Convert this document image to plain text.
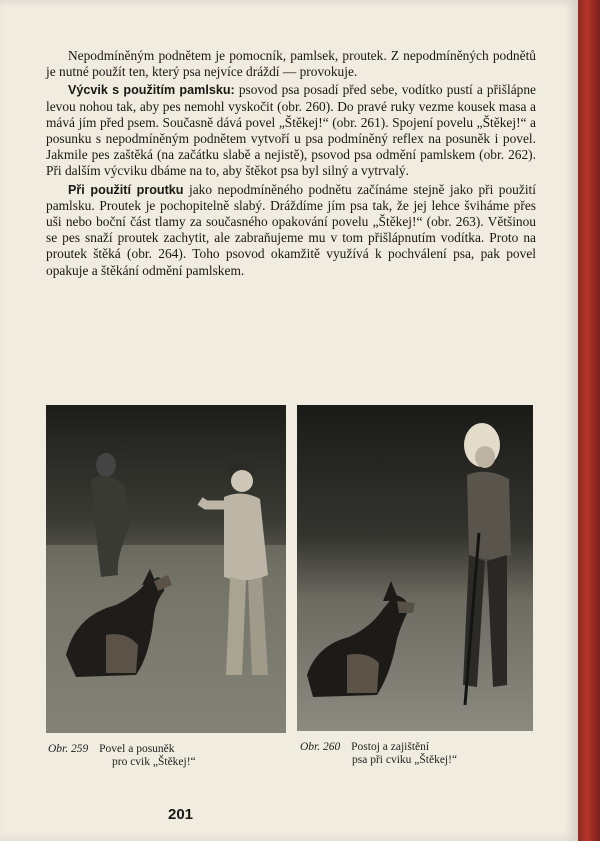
Nepodmíněným podnětem je pomocník, pamlsek, proutek. Z nepodmíněných podnětů je nutné použít ten, který psa nejvíce dráždí — provokuje.

Výcvik s použitím pamlsku: psovod psa posadí před sebe, vodítko pustí a přišlápne levou nohou tak, aby pes nemohl vyskočit (obr. 260). Do pravé ruky vezme kousek masa a mává jím před psem. Současně dává povel „Štěkej!“ (obr. 261). Spojení povelu „Štěkej!“ a posunku s nepodmíněným podnětem vytvoří u psa podmíněný reflex na posuněk i povel. Jakmile pes zaštěká (na začátku slabě a nejistě), psovod psa odmění pamlskem (obr. 262). Při dalším výcviku dbáme na to, aby štěkot psa byl silný a vytrvalý.

Při použití proutku jako nepodmíněného podnětu začínáme stejně jako při použití pamlsku. Proutek je pochopitelně slabý. Dráždíme jím psa tak, že jej lehce šviháme přes uši nebo boční část tlamy za současného opakování povelu „Štěkej!“ (obr. 263). Většinou se pes snaží proutek zachytit, ale zabraňujeme mu v tom přišlápnutím vodítka. Proto na proutek štěká (obr. 264). Toho psovod okamžitě využívá k pochválení psa, pak povel opakuje a štěkání odmění pamlskem.

Obr. 259 Povel a posuněk
pro cvik „Štěkej!“
Obr. 260 Postoj a zajištění
psa při cviku „Štěkej!“
201
